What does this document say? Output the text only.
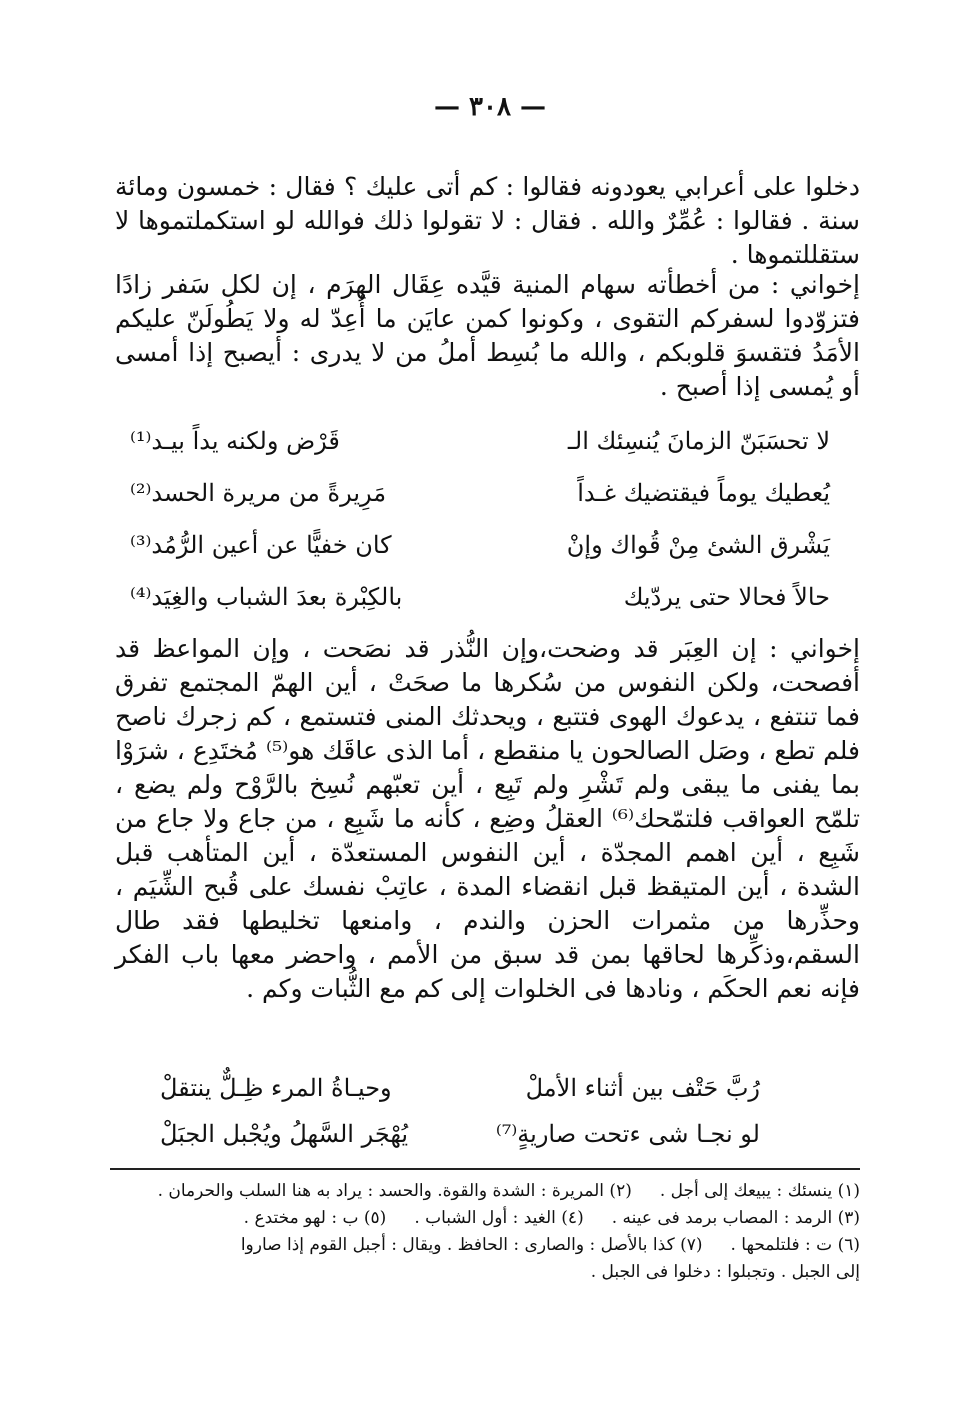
— ٣٠٨ —

دخلوا على أعرابي يعودونه فقالوا : كم أتى عليك ؟ فقال : خمسون ومائة سنة . فقالوا : عُمِّرٌ والله . فقال : لا تقولوا ذلك فوالله لو استكملتموها لا ستقللتموها .

إخواني : من أخطأته سهام المنية قيَّده عِقَال الهرَم ، إن لكل سَفر زادًا فتزوّدوا لسفركم التقوى ، وكونوا كمن عايَن ما أُعِدّ له ولا يَطُولَنّ عليكم الأمَدُ فتقسوَ قلوبكم ، والله ما بُسِط أملُ من لا يدرى : أيصبح إذا أمسى أو يُمسى إذا أصبح .

لا تحسَبَنّ الزمانَ يُنسِئك الـ
قَرْض ولكنه يداً بيـد⁽¹⁾
يُعطيك يوماً فيقتضيك غـداً
مَرِيرةً من مريرة الحسد⁽²⁾
يَشْرق الشئ مِنْ قُواك وإنْ
كان خفيًّا عن أعين الرُّمُد⁽³⁾
حالاً فحالا حتى يردّيك
بالكِبْرة بعدَ الشباب والغِيَد⁽⁴⁾

إخواني : إن العِبَر قد وضحت،وإن النُّذر قد نصَحت ، وإن المواعظ قد أفصحت، ولكن النفوس من سُكرها ما صحَتْ ، أين الهمّ المجتمع تفرق فما تنتفع ، يدعوك الهوى فتتبع ، ويحدثك المنى فتستمع ، كم زجرك ناصح فلم تطع ، وصَل الصالحون يا منقطع ، أما الذى عاقَك هو⁽⁵⁾ مُختَدِع ، شرَوْا بما يفنى ما يبقى ولم تَشْرِ ولم تَبِع ، أين تعبّهم نُسِخ بالرَّوْح ولم يضع ، تلمّح العواقب فلتمّحك⁽⁶⁾ العقلُ وضِع ، كأنه ما شَبِع ، من جاع ولا جاع من شَبِع ، أين اهمم المجدّة ، أين النفوس المستعدّة ، أين المتأهب قبل الشدة ، أين المتيقظ قبل انقضاء المدة ، عاتِبْ نفسك على قُبح الشِّيَم ، وحذِّرها من مثمرات الحزن والندم ، وامنعها تخليطها فقد طال السقم،وذكِّرها لحاقها بمن قد سبق من الأمم ، واحضر معها باب الفكر فإنه نعم الحكَم ، ونادها فى الخلوات إلى كم مع الثُّبات وكم .

رُبَّ حَتْف بين أثناء الأملْ
وحيـاةُ المرء ظِـلٌّ ينتقلْ
لو نجـا شى ءتحت صاريةٍ⁽⁷⁾
يُهْجَر السَّهلُ ويُجْبل الجبَلْ
(١) ينسئك : يبيعك إلى أجل .
(٢) المريرة : الشدة والقوة. والحسد : يراد به هنا السلب والحرمان .
(٣) الرمد : المصاب برمد فى عينه .
(٤) الغيد : أول الشباب .
(٥) ب : لهو مختدع .
(٦) ت : فلتلمحها .
(٧) كذا بالأصل : والصارى : الحافظ . ويقال : أجبل القوم إذا صاروا
إلى الجبل . وتجبلوا : دخلوا فى الجبل .
